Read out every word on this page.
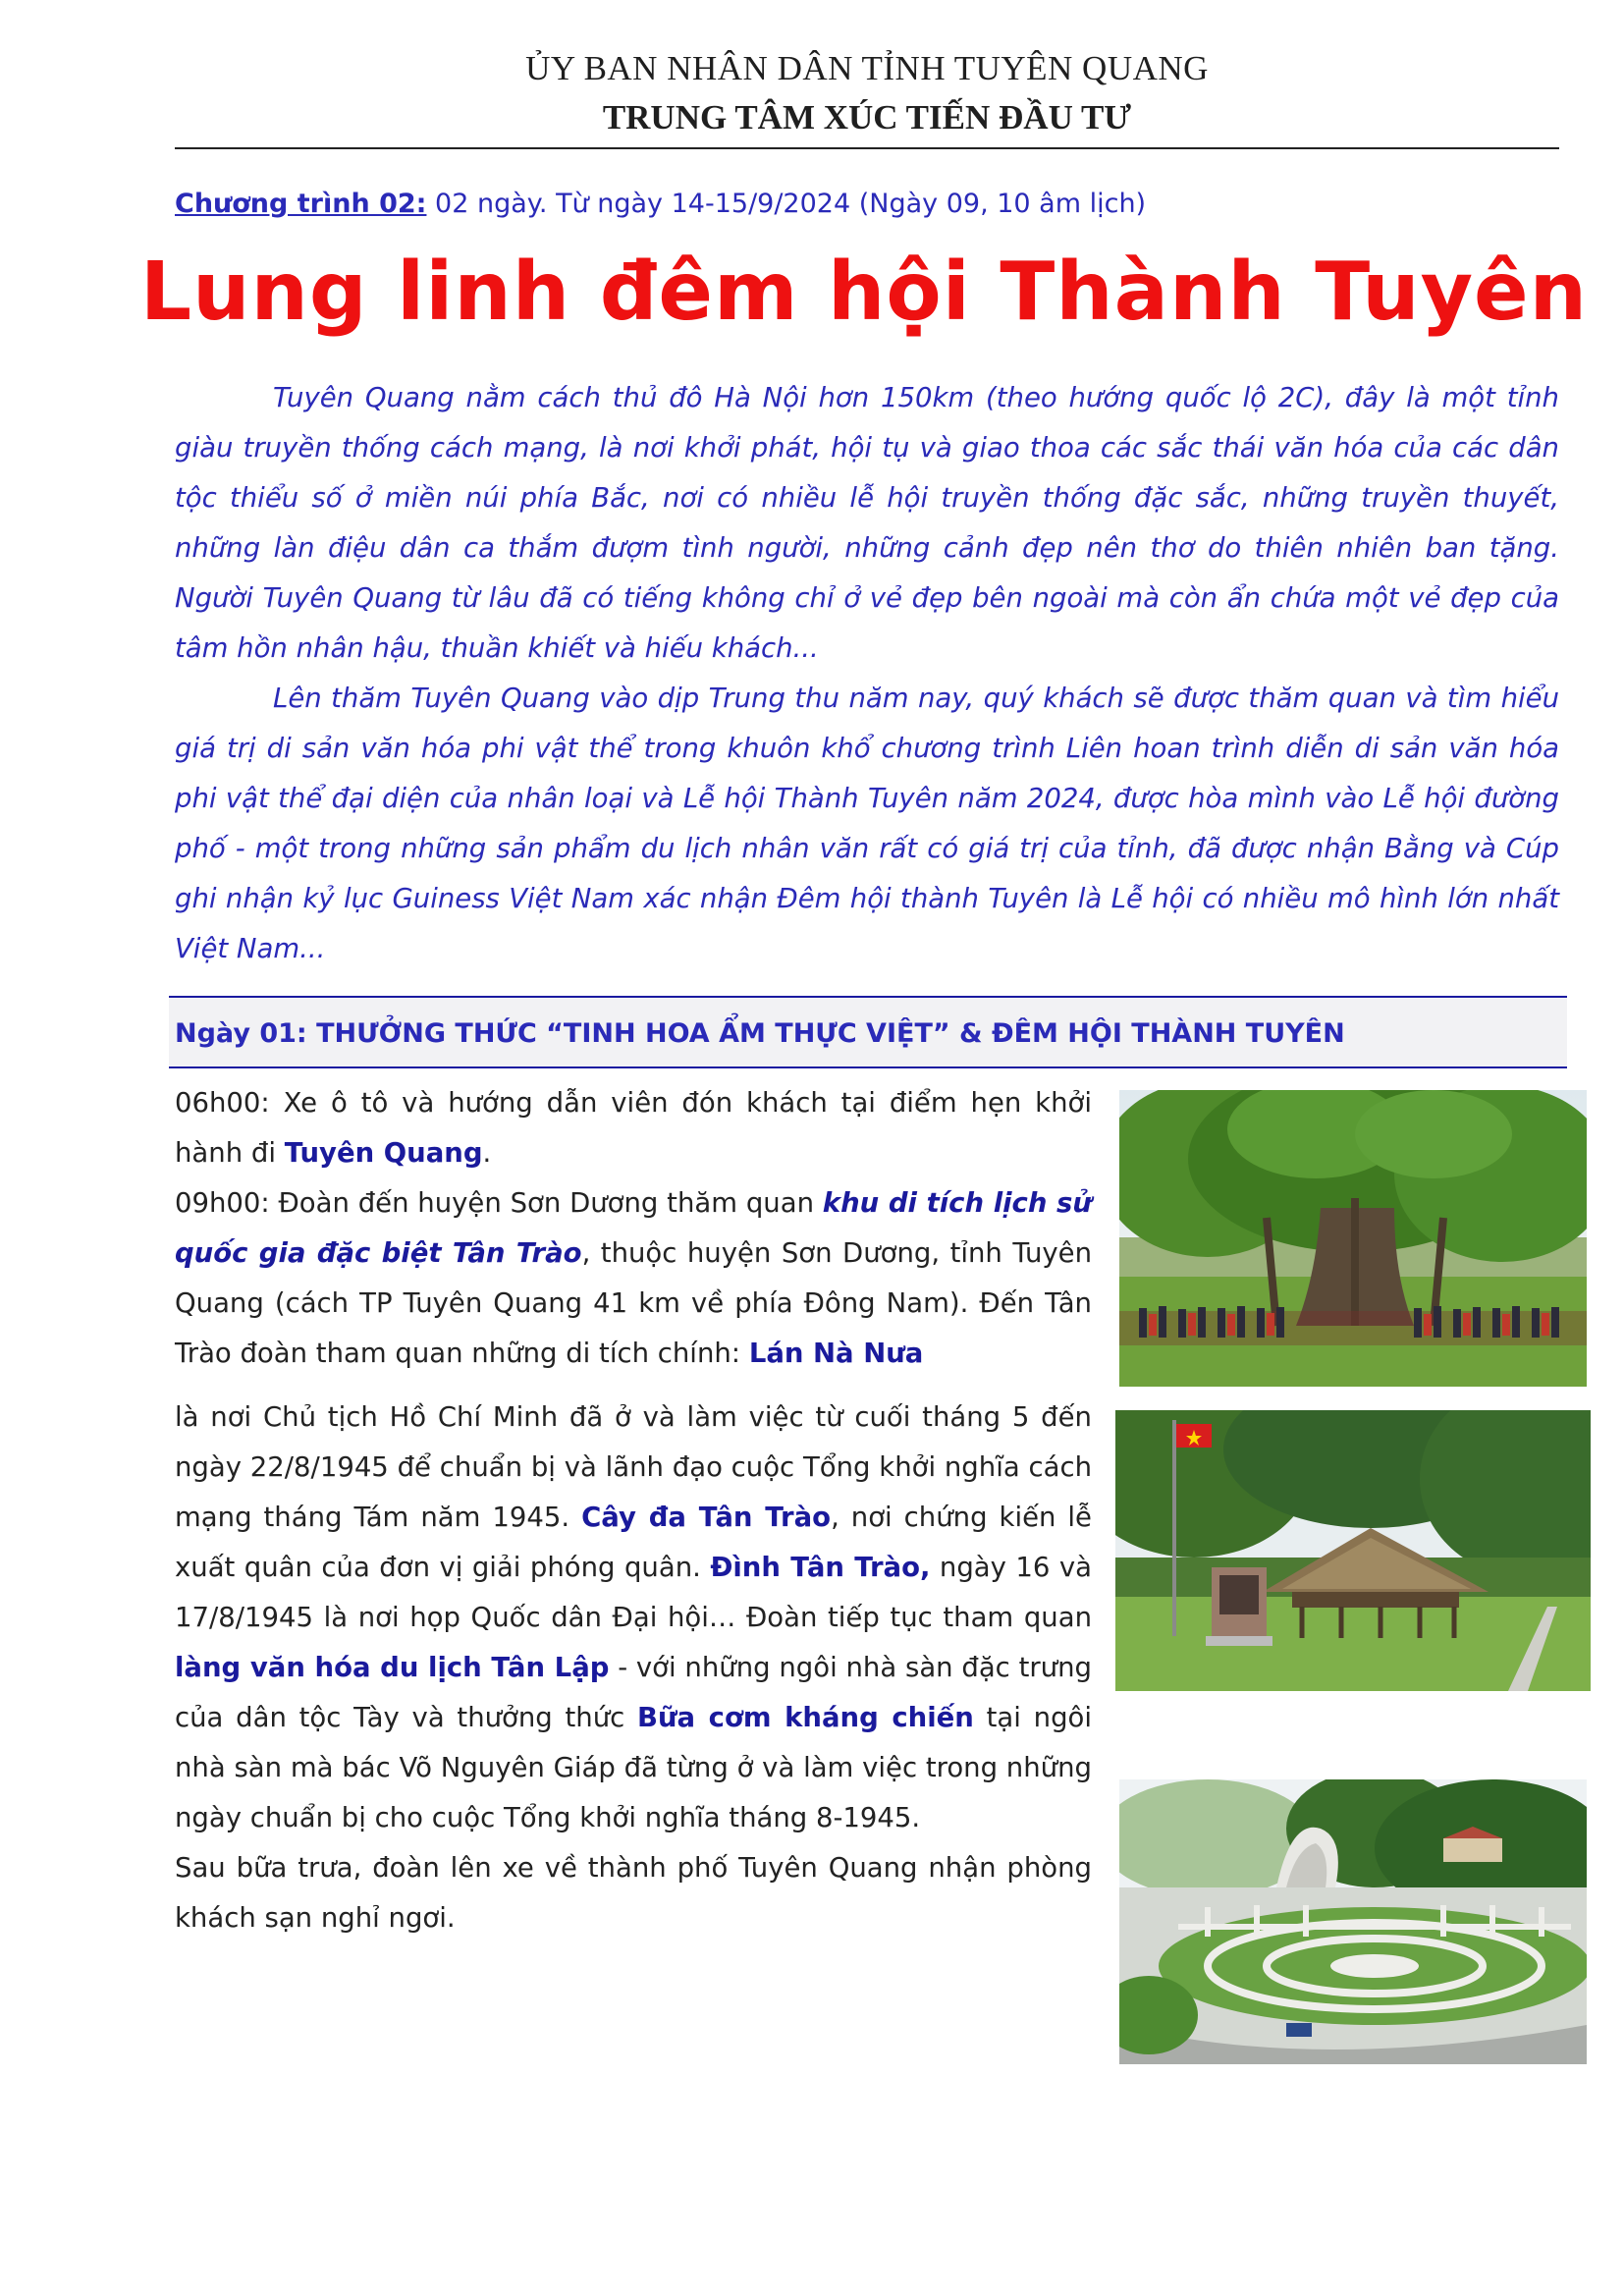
ỦY BAN NHÂN DÂN TỈNH TUYÊN QUANG
TRUNG TÂM XÚC TIẾN ĐẦU TƯ
Chương trình 02: 02 ngày. Từ ngày 14-15/9/2024 (Ngày 09, 10 âm lịch)
Lung linh đêm hội Thành Tuyên

Tuyên Quang nằm cách thủ đô Hà Nội hơn 150km (theo hướng quốc lộ 2C), đây là một tỉnh giàu truyền thống cách mạng, là nơi khởi phát, hội tụ và giao thoa các sắc thái văn hóa của các dân tộc thiểu số ở miền núi phía Bắc, nơi có nhiều lễ hội truyền thống đặc sắc, những truyền thuyết, những làn điệu dân ca thắm đượm tình người, những cảnh đẹp nên thơ do thiên nhiên ban tặng. Người Tuyên Quang từ lâu đã có tiếng không chỉ ở vẻ đẹp bên ngoài mà còn ẩn chứa một vẻ đẹp của tâm hồn nhân hậu, thuần khiết và hiếu khách...

Lên thăm Tuyên Quang vào dịp Trung thu năm nay, quý khách sẽ được thăm quan và tìm hiểu giá trị di sản văn hóa phi vật thể trong khuôn khổ chương trình Liên hoan trình diễn di sản văn hóa phi vật thể đại diện của nhân loại và Lễ hội Thành Tuyên năm 2024, được hòa mình vào Lễ hội đường phố - một trong những sản phẩm du lịch nhân văn rất có giá trị của tỉnh, đã được nhận Bằng và Cúp ghi nhận kỷ lục Guiness Việt Nam xác nhận Đêm hội thành Tuyên là Lễ hội có nhiều mô hình lớn nhất Việt Nam...

Ngày 01: THƯỞNG THỨC “TINH HOA ẨM THỰC VIỆT” & ĐÊM HỘI THÀNH TUYÊN

06h00: Xe ô tô và hướng dẫn viên đón khách tại điểm hẹn khởi hành đi Tuyên Quang.

09h00: Đoàn đến huyện Sơn Dương thăm quan khu di tích lịch sử quốc gia đặc biệt Tân Trào, thuộc huyện Sơn Dương, tỉnh Tuyên Quang (cách TP Tuyên Quang 41 km về phía Đông Nam). Đến Tân Trào đoàn tham quan những di tích chính: Lán Nà Nưa

là nơi Chủ tịch Hồ Chí Minh đã ở và làm việc từ cuối tháng 5 đến ngày 22/8/1945 để chuẩn bị và lãnh đạo cuộc Tổng khởi nghĩa cách mạng tháng Tám năm 1945. Cây đa Tân Trào, nơi chứng kiến lễ xuất quân của đơn vị giải phóng quân. Đình Tân Trào, ngày 16 và 17/8/1945 là nơi họp Quốc dân Đại hội… Đoàn tiếp tục tham quan làng văn hóa du lịch Tân Lập - với những ngôi nhà sàn đặc trưng của dân tộc Tày và thưởng thức Bữa cơm kháng chiến tại ngôi nhà sàn mà bác Võ Nguyên Giáp đã từng ở và làm việc trong những ngày chuẩn bị cho cuộc Tổng khởi nghĩa tháng 8-1945.

Sau bữa trưa, đoàn lên xe về thành phố Tuyên Quang nhận phòng khách sạn nghỉ ngơi.
